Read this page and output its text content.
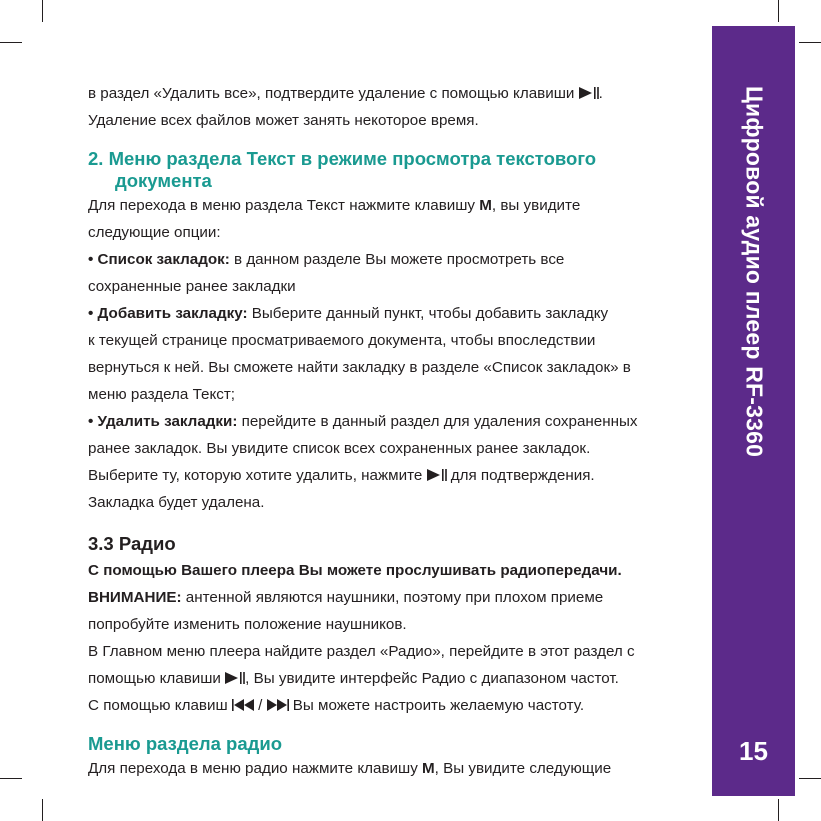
Цифровой аудио плеер RF-3360
15
в раздел «Удалить все», подтвердите удаление с помощью клавиши .
Удаление всех файлов может занять некоторое время.
2. Меню раздела Текст в режиме просмотра текстового
документа
Для перехода в меню раздела Текст нажмите клавишу M, вы увидите
следующие опции:
• Список закладок: в данном разделе Вы можете просмотреть все
сохраненные ранее закладки
• Добавить закладку: Выберите данный пункт, чтобы добавить закладку
к текущей странице просматриваемого документа, чтобы впоследствии
вернуться к ней. Вы сможете найти закладку в разделе «Список закладок» в
меню раздела Текст;
• Удалить закладки: перейдите в данный раздел для удаления сохраненных
ранее закладок. Вы увидите список всех сохраненных ранее закладок.
Выберите ту, которую хотите удалить, нажмите  для подтверждения.
Закладка будет удалена.
3.3 Радио
С помощью Вашего плеера Вы можете прослушивать радиопередачи.
ВНИМАНИЕ: антенной являются наушники, поэтому при плохом приеме
попробуйте изменить положение наушников.
В Главном меню плеера найдите раздел «Радио», перейдите в этот раздел с
помощью клавиши , Вы увидите интерфейс Радио с диапазоном частот.
С помощью клавиш  /  Вы можете настроить желаемую частоту.
Меню раздела радио
Для перехода в меню радио нажмите клавишу M, Вы увидите следующие
